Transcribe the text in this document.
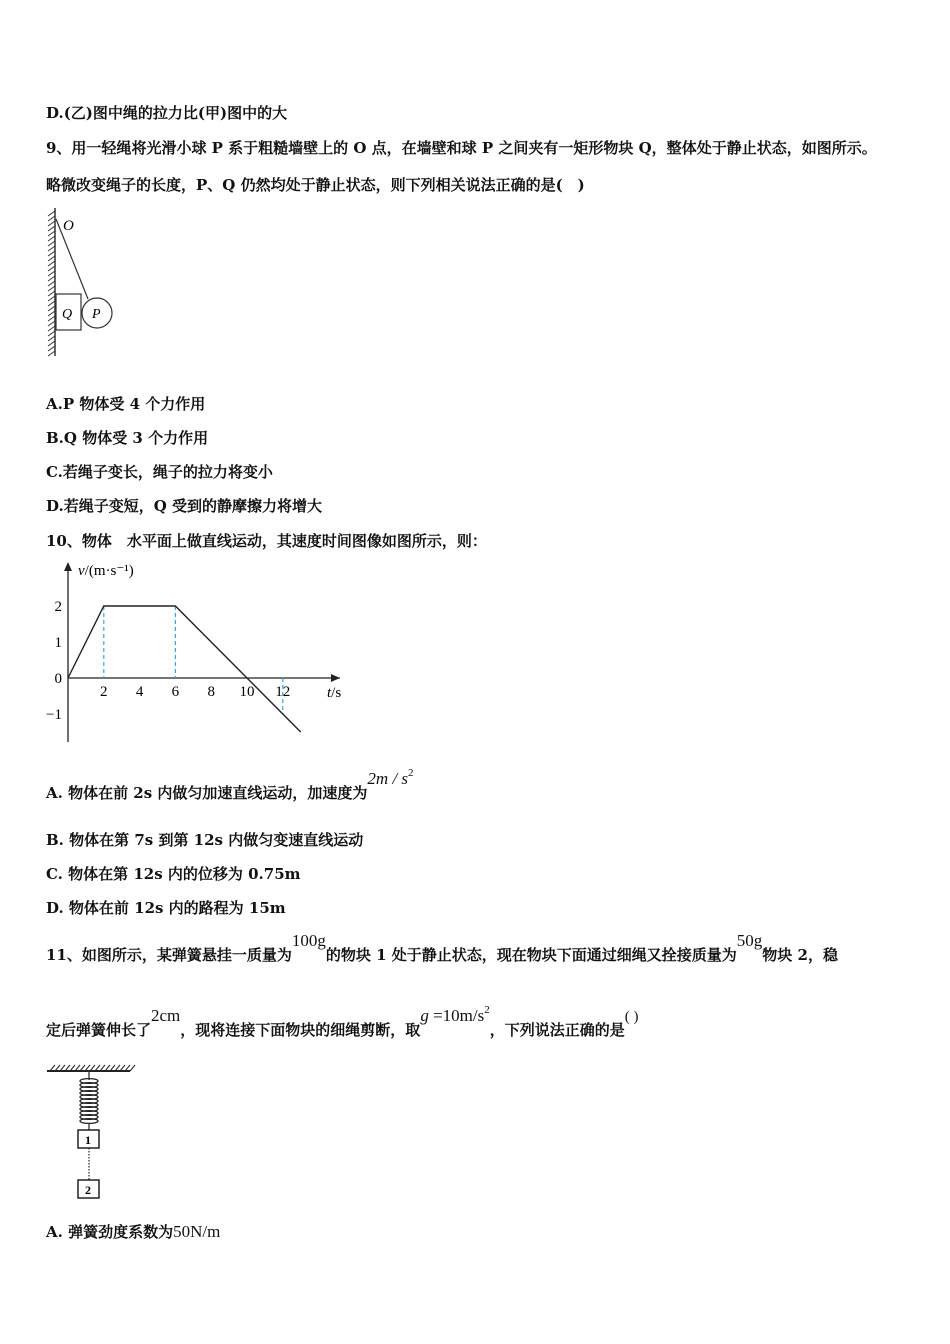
D.(乙)图中绳的拉力比(甲)图中的大
9、用一轻绳将光滑小球 P 系于粗糙墙壁上的 O 点，在墙壁和球 P 之间夹有一矩形物块 Q，整体处于静止状态，如图所示。
略微改变绳子的长度，P、Q 仍然均处于静止状态，则下列相关说法正确的是(　)
O
Q P
A.P 物体受 4 个力作用
B.Q 物体受 3 个力作用
C.若绳子变长，绳子的拉力将变小
D.若绳子变短，Q 受到的静摩擦力将增大
10、物体　水平面上做直线运动，其速度时间图像如图所示，则：
v/(m·s⁻¹)
t/s
2 4 6 8 10 12
2
1
0
−1
A. 物体在前 2s 内做匀加速直线运动，加速度为$2m / s^2$
B. 物体在第 7s 到第 12s 内做匀变速直线运动
C. 物体在第 12s 内的位移为 0.75m
D. 物体在前 12s 内的路程为 15m
11、如图所示，某弹簧悬挂一质量为100g的物块 1 处于静止状态，现在物块下面通过细绳又拴接质量为50g物块 2，稳
定后弹簧伸长了2cm，现将连接下面物块的细绳剪断，取$g =10m/s^2$，下列说法正确的是( )
1
2
A. 弹簧劲度系数为50N/m
